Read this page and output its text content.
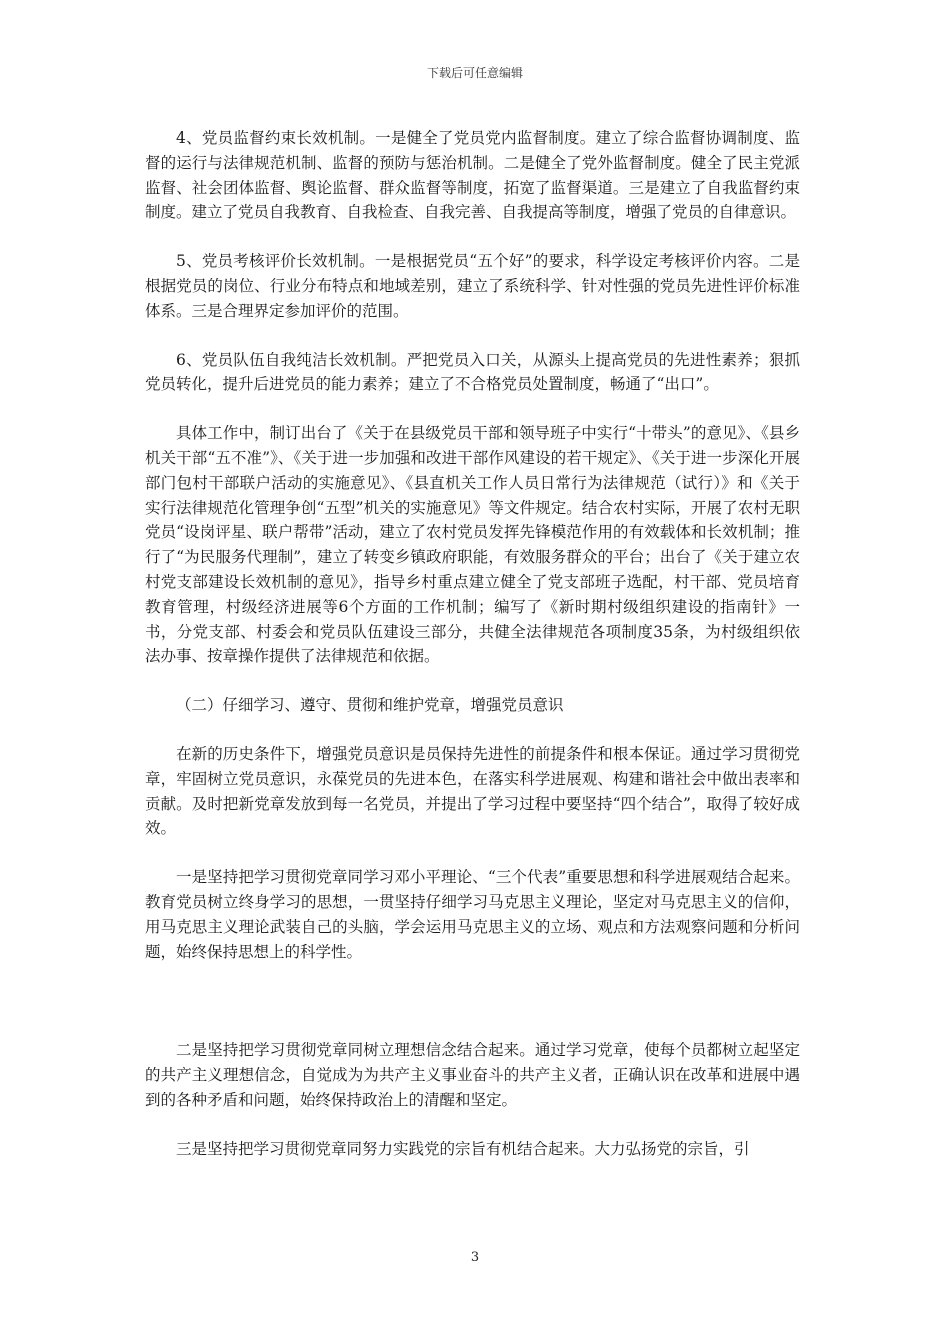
下载后可任意编辑

4、党员监督约束长效机制。一是健全了党员党内监督制度。建立了综合监督协调制度、监督的运行与法律规范机制、监督的预防与惩治机制。二是健全了党外监督制度。健全了民主党派监督、社会团体监督、舆论监督、群众监督等制度，拓宽了监督渠道。三是建立了自我监督约束制度。建立了党员自我教育、自我检查、自我完善、自我提高等制度，增强了党员的自律意识。

5、党员考核评价长效机制。一是根据党员“五个好”的要求，科学设定考核评价内容。二是根据党员的岗位、行业分布特点和地域差别，建立了系统科学、针对性强的党员先进性评价标准体系。三是合理界定参加评价的范围。

6、党员队伍自我纯洁长效机制。严把党员入口关，从源头上提高党员的先进性素养；狠抓党员转化，提升后进党员的能力素养；建立了不合格党员处置制度，畅通了“出口”。

具体工作中，制订出台了《关于在县级党员干部和领导班子中实行“十带头”的意见》、《县乡机关干部“五不准”》、《关于进一步加强和改进干部作风建设的若干规定》、《关于进一步深化开展部门包村干部联户活动的实施意见》、《县直机关工作人员日常行为法律规范（试行）》和《关于实行法律规范化管理争创“五型”机关的实施意见》等文件规定。结合农村实际，开展了农村无职党员“设岗评星、联户帮带”活动，建立了农村党员发挥先锋模范作用的有效载体和长效机制；推行了“为民服务代理制”，建立了转变乡镇政府职能，有效服务群众的平台；出台了《关于建立农村党支部建设长效机制的意见》，指导乡村重点建立健全了党支部班子选配，村干部、党员培育教育管理，村级经济进展等6个方面的工作机制；编写了《新时期村级组织建设的指南针》一书，分党支部、村委会和党员队伍建设三部分，共健全法律规范各项制度35条，为村级组织依法办事、按章操作提供了法律规范和依据。

（二）仔细学习、遵守、贯彻和维护党章，增强党员意识

在新的历史条件下，增强党员意识是员保持先进性的前提条件和根本保证。通过学习贯彻党章，牢固树立党员意识，永葆党员的先进本色，在落实科学进展观、构建和谐社会中做出表率和贡献。及时把新党章发放到每一名党员，并提出了学习过程中要坚持“四个结合”，取得了较好成效。

一是坚持把学习贯彻党章同学习邓小平理论、“三个代表”重要思想和科学进展观结合起来。教育党员树立终身学习的思想，一贯坚持仔细学习马克思主义理论，坚定对马克思主义的信仰，用马克思主义理论武装自己的头脑，学会运用马克思主义的立场、观点和方法观察问题和分析问题，始终保持思想上的科学性。

二是坚持把学习贯彻党章同树立理想信念结合起来。通过学习党章，使每个员都树立起坚定的共产主义理想信念，自觉成为为共产主义事业奋斗的共产主义者，正确认识在改革和进展中遇到的各种矛盾和问题，始终保持政治上的清醒和坚定。

三是坚持把学习贯彻党章同努力实践党的宗旨有机结合起来。大力弘扬党的宗旨，引

3
